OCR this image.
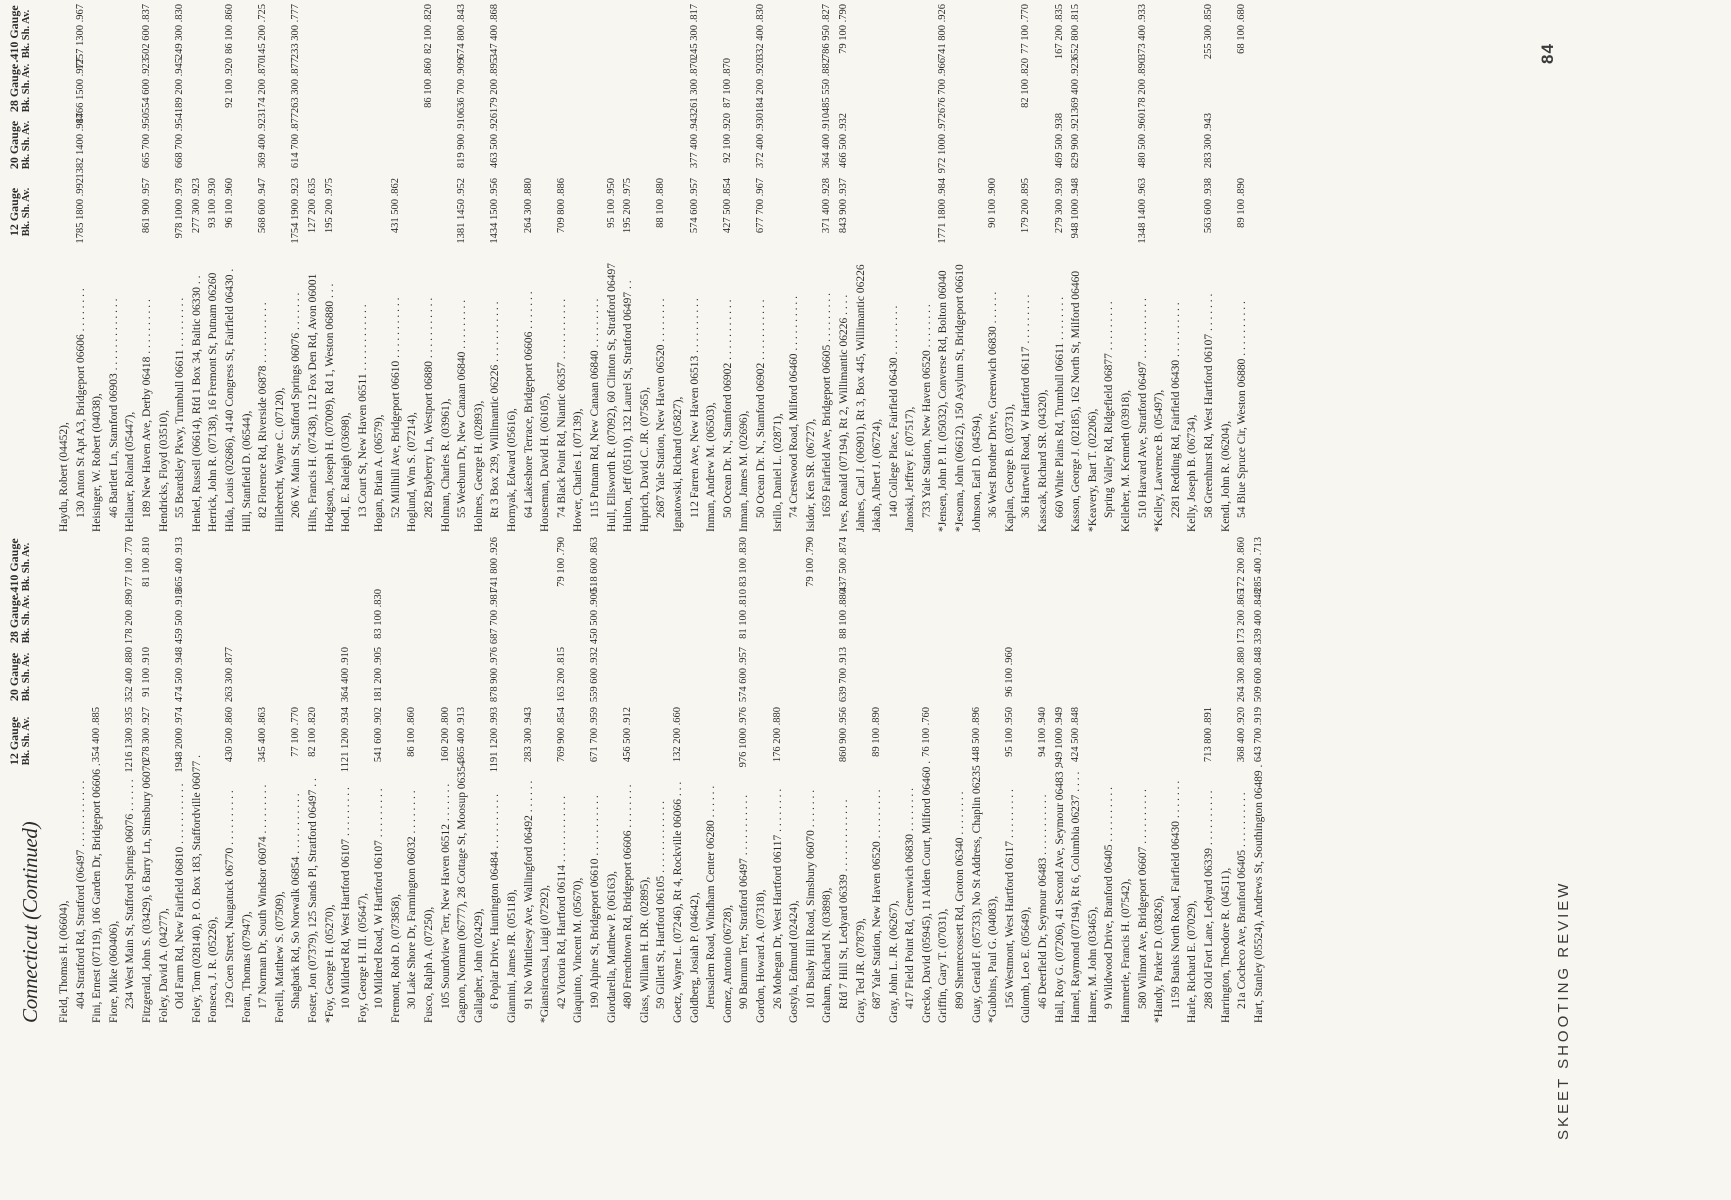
84
SKEET SHOOTING REVIEW
Connecticut (Continued)
12 Gauge Bk. Sh. Av.
20 Gauge Bk. Sh. Av.
28 Gauge Bk. Sh. Av.
.410 Gauge Bk. Sh. Av.
Field, Thomas H. (06604), 404 Stratford Rd, Stratford (06497 . . . . . . . . . . . . Fini, Ernest (07119), 106 Garden Dr, Bridgeport 06606 .
354 400 .885
Fiore, Mike (060406), 234 West Main St, Stafford Springs 06076 . . . . . .
1216 1300 .935
352 400 .880
178 200 .890
77 100 .770
Fitzgerald, John S. (03429), 6 Barry Ln, Simsbury 06070
278 300 .927
91 100 .910
81 100 .810
Foley, David A. (04277), Old Farm Rd, New Fairfield 06810 . . . . . . . . . . .
1948 2000 .974
474 500 .948
459 500 .918
365 400 .913
Foley, Tom (028140), P. O. Box 183, Staffordville 06077 . Fonseca, J. R. (05226), 129 Coen Street, Naugatuck 06770 . . . . . . . . . .
430 500 .860
263 300 .877
Foran, Thomas (07947), 17 Norman Dr, South Windsor 06074 . . . . . . . . .
345 400 .863
Forelli, Matthew S. (07509), Shagbark Rd, So Norwalk 06854 . . . . . . . . . . .
77 100 .770
Foster, Jon (07379), 125 Sands Pl, Stratford 06497 . .
82 100 .820
*Foy, George H. (05270), 10 Mildred Rd, West Hartford 06107 . . . . . . . . .
1121 1200 .934
364 400 .910
Foy, George H. III. (05647), 10 Mildred Road, W Hartford 06107 . . . . . . . . .
541 600 .902
181 200 .905
83 100 .830
Fremont, Robt D. (073858), 30 Lake Shore Dr, Farmington 06032 . . . . . . . .
86 100 .860
Fusco, Ralph A. (07250), 105 Soundview Terr, New Haven 06512 . . . . . . .
160 200 .800
Gagnon, Norman (06777), 28 Cottage St, Moosup 06354
365 400 .913
Gallagher, John (02429), 6 Poplar Drive, Huntington 06484 . . . . . . . . . .
1191 1200 .993
878 900 .976
687 700 .981
741 800 .926
Giannini, James JR. (05118), 91 No Whittlesey Ave, Wallingford 06492 . . . . . .
283 300 .943
*Giansiracusa, Luigi (07292), 42 Victoria Rd, Hartford 06114 . . . . . . . . . . . .
769 900 .854
163 200 .815
79 100 .790
Giaquinto, Vincent M. (05670), 190 Alpine St, Bridgeport 06610 . . . . . . . . . . .
671 700 .959
559 600 .932
450 500 .900
518 600 .863
Giordarella, Matthew P. (06163), 480 Frenchtown Rd, Bridgeport 06606 . . . . . . . .
456 500 .912
Glass, William H. DR. (02895), 59 Gillett St, Hartford 06105 . . . . . . . . . . . . . Goetz, Wayne L. (07246), Rt 4, Rockville 06066 . . .
132 200 .660
Goldberg, Josiah P. (04642), Jerusalem Road, Windham Center 06280 . . . . . . Gomez, Antonio (06728), 90 Barnum Terr, Stratford 06497 . . . . . . . . . . .
976 1000 .976
574 600 .957
81 100 .810
83 100 .830
Gordon, Howard A. (07318), 26 Mohegan Dr, West Hartford 06117 . . . . . . . .
176 200 .880
Gostyla, Edmund (02424), 101 Bushy Hill Road, Simsbury 06070 . . . . . . .
79 100 .790
Graham, Richard N. (03898), Rfd 7 Hill St, Ledyard 06339 . . . . . . . . . . . . .
860 900 .956
639 700 .913
88 100 .880
437 500 .874
Gray, Ted JR. (07879), 687 Yale Station, New Haven 06520 . . . . . . . . .
89 100 .890
Gray, John L. JR. (06267), 417 Field Point Rd, Greenwich 06830 . . . . . . . . Grecko, David (05945), 11 Alden Court, Milford 06460 .
76 100 .760
Griffin, Gary T. (07031), 890 Shennecossett Rd, Groton 06340 . . . . . . . . Guay, Gerald F. (05733), No St Address, Chaplin 06235
448 500 .896
*Gubbins, Paul G. (04083), 156 Westmont, West Hartford 06117 . . . . . . . . .
95 100 .950
96 100 .960
Gulomb, Leo E. (05649), 46 Deerfield Dr, Seymour 06483 . . . . . . . . . . .
94 100 .940
Hall, Roy G. (07206), 41 Second Ave, Seymour 06483 .
949 1000 .949
Hamel, Raymond (07194), Rt 6, Columbia 06237 . . . .
424 500 .848
Hamer, M. John (03465), 9 Wildwood Drive, Branford 06405 . . . . . . . . . . Hammerle, Francis H. (07542), 580 Wilmot Ave, Bridgeport 06607 . . . . . . . . . . *Handy, Parker D. (03826), 1159 Banks North Road, Fairfield 06430 . . . . . . . Harle, Richard E. (07029), 288 Old Fort Lane, Ledyard 06339 . . . . . . . . . .
713 800 .891
Harrington, Theodore R. (04511), 21a Cocheco Ave, Branford 06405 . . . . . . . . . .
368 400 .920
264 300 .880
173 200 .865
172 200 .860
Hart, Stanley (05524), Andrews St, Southington 06489 .
643 700 .919
509 600 .848
339 400 .848
285 400 .713
12 Gauge Bk. Sh. Av.
20 Gauge Bk. Sh. Av.
28 Gauge Bk. Sh. Av.
.410 Gauge Bk. Sh. Av.
Haydu, Robert (04452), 130 Anton St Apt A3, Bridgeport 06606 . . . . . . . .
1785 1800 .992
1382 1400 .987
1466 1500 .977
1257 1300 .967
Heisinger, W. Robert (04038), 46 Bartlett Ln, Stamford 06903 . . . . . . . . . . . . . Hellauer, Roland (05447), 189 New Haven Ave, Derby 06418 . . . . . . . . . .
861 900 .957
665 700 .950
554 600 .923
502 600 .837
Hendricks, Floyd (03510), 55 Beardsley Pkwy, Trumbull 06611 . . . . . . . . .
978 1000 .978
668 700 .954
189 200 .945
249 300 .830
Henkel, Russell (06614), Rfd 1 Box 34, Baltic 06330 . .
277 300 .923
Herrick, John R. (07138), 16 Fremont St, Putnam 06260
93 100 .930
Hida, Louis (02686), 4140 Congress St, Fairfield 06430 .
96 100 .960
92 100 .920
86 100 .860
Hill, Stanfield D. (06544), 82 Florence Rd, Riverside 06878 . . . . . . . . . . .
568 600 .947
369 400 .923
174 200 .870
145 200 .725
Hillebrecht, Wayne C. (07120), 206 W. Main St, Stafford Springs 06076 . . . . . . .
1754 1900 .923
614 700 .877
263 300 .877
233 300 .777
Hilts, Francis H. (07438), 112 Fox Den Rd, Avon 06001
127 200 .635
Hodgson, Joseph H. (07009), Rd 1, Weston 06880 . . .
195 200 .975
Hodl, E. Raleigh (03698), 13 Court St, New Haven 06511 . . . . . . . . . . . . Hogan, Brian A. (06579), 52 Millhill Ave, Bridgeport 06610 . . . . . . . . . . .
431 500 .862
Hoglund, Wm S. (07214), 282 Bayberry Ln, Westport 06880 . . . . . . . . . . .
86 100 .860
82 100 .820
Holman, Charles R. (03961), 55 Weeburn Dr, New Canaan 06840 . . . . . . . . .
1381 1450 .952
819 900 .910
636 700 .909
674 800 .843
Holmes, George H. (02893), Rt 3 Box 239, Willimantic 06226 . . . . . . . . . . .
1434 1500 .956
463 500 .926
179 200 .895
347 400 .868
Hornyak, Edward (05616), 64 Lakeshore Terrace, Bridgeport 06606 . . . . . . .
264 300 .880
Houseman, David H. (06105), 74 Black Point Rd, Niantic 06357 . . . . . . . . . . .
709 800 .886
Hower, Charles I. (07139), 115 Putnam Rd, New Canaan 06840 . . . . . . . . . Hull, Ellsworth R. (07092), 60 Clinton St, Stratford 06497
95 100 .950
Hulton, Jeff (05110), 132 Laurel St, Stratford 06497 . .
195 200 .975
Huprich, David C. JR. (07565), 2687 Yale Station, New Haven 06520 . . . . . . . .
88 100 .880
Ignatowski, Richard (05827), 112 Farren Ave, New Haven 06513 . . . . . . . . . .
574 600 .957
377 400 .943
261 300 .870
245 300 .817
Inman, Andrew M. (06503), 50 Ocean Dr. N., Stamford 06902 . . . . . . . . . . .
427 500 .854
92 100 .920
87 100 .870
Inman, James M. (02696), 50 Ocean Dr. N., Stamford 06902 . . . . . . . . . . .
677 700 .967
372 400 .930
184 200 .920
332 400 .830
Isrillo, Daniel L. (02871), 74 Crestwood Road, Milford 06460 . . . . . . . . . . Isidor, Ken SR. (06727), 1659 Fairfield Ave, Bridgeport 06605 . . . . . . . . .
371 400 .928
364 400 .910
485 550 .882
786 950 .827
Ives, Ronald (07194), Rt 2, Willimantic 06226 . . . .
843 900 .937
466 500 .932
79 100 .790
Jahnes, Carl J. (06901), Rt 3, Box 445, Willimantic 06226 Jakab, Albert J. (06724), 140 College Place, Fairfield 06430 . . . . . . . . . Janoski, Jeffrey F. (07517), 733 Yale Station, New Haven 06520 . . . . . . . . *Jensen, John P. II. (05032), Converse Rd, Bolton 06040
1771 1800 .984
972 1000 .972
676 700 .966
741 800 .926
*Jesoma, John (06612), 150 Asylum St, Bridgeport 06610 Johnson, Earl D. (04594), 36 West Brother Drive, Greenwich 06830 . . . . . .
90 100 .900
Kaplan, George B. (03731), 36 Hartwell Road, W Hartford 06117 . . . . . . . . .
179 200 .895
82 100 .820
77 100 .770
Kasscak, Richard SR. (04320), 660 White Plains Rd, Trumbull 06611 . . . . . . . .
279 300 .930
469 500 .938
167 200 .835
Kasson, George J. (02185), 162 North St, Milford 06460
948 1000 .948
829 900 .921
369 400 .923
652 800 .815
*Keavery, Bart T. (02206), Spring Valley Rd, Ridgefield 06877 . . . . . . . . . Kelleher, M. Kenneth (03918), 510 Harvard Ave, Stratford 06497 . . . . . . . . . . .
1348 1400 .963
480 500 .960
178 200 .890
373 400 .933
*Kelley, Lawrence B. (05497), 2281 Redding Rd, Fairfield 06430 . . . . . . . . . . Kelly, Joseph B. (06734), 58 Greenhurst Rd, West Hartford 06107 . . . . . . .
563 600 .938
283 300 .943
255 300 .850
Kendi, John R. (06204), 54 Blue Spruce Cir, Weston 06880 . . . . . . . . . .
89 100 .890
68 100 .680
